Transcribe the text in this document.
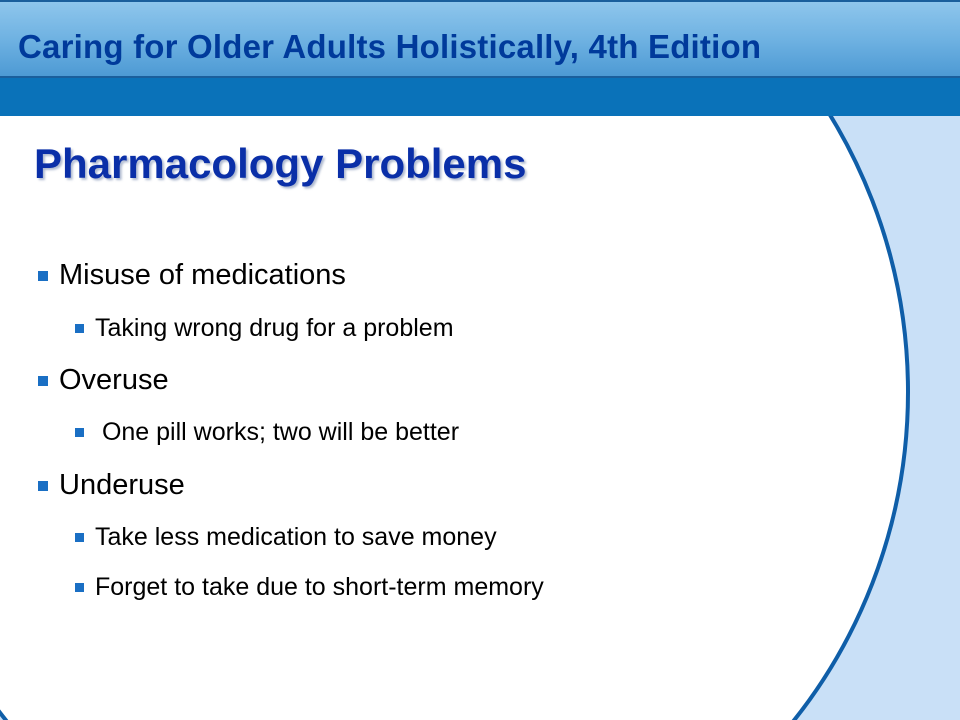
Caring for Older Adults Holistically, 4th Edition
Pharmacology Problems
Misuse of medications
Taking wrong drug for a problem
Overuse
One pill works; two will be better
Underuse
Take less medication to save money
Forget to take due to short-term memory
